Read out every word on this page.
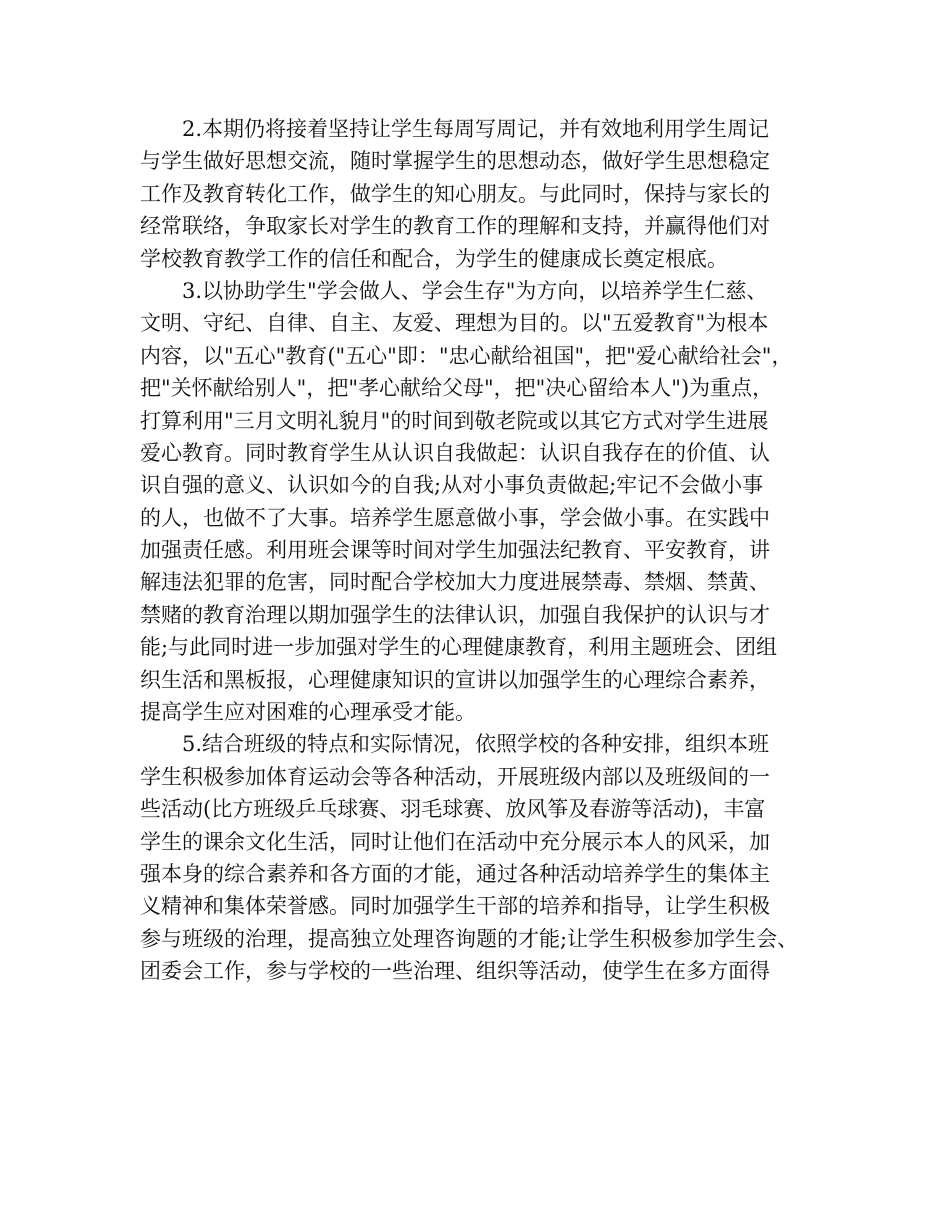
2.本期仍将接着坚持让学生每周写周记，并有效地利用学生周记
与学生做好思想交流，随时掌握学生的思想动态，做好学生思想稳定
工作及教育转化工作，做学生的知心朋友。与此同时，保持与家长的
经常联络，争取家长对学生的教育工作的理解和支持，并赢得他们对
学校教育教学工作的信任和配合，为学生的健康成长奠定根底。
3.以协助学生"学会做人、学会生存"为方向，以培养学生仁慈、
文明、守纪、自律、自主、友爱、理想为目的。以"五爱教育"为根本
内容，以"五心"教育("五心"即："忠心献给祖国"，把"爱心献给社会"，
把"关怀献给别人"，把"孝心献给父母"，把"决心留给本人")为重点，
打算利用"三月文明礼貌月"的时间到敬老院或以其它方式对学生进展
爱心教育。同时教育学生从认识自我做起：认识自我存在的价值、认
识自强的意义、认识如今的自我;从对小事负责做起;牢记不会做小事
的人，也做不了大事。培养学生愿意做小事，学会做小事。在实践中
加强责任感。利用班会课等时间对学生加强法纪教育、平安教育，讲
解违法犯罪的危害，同时配合学校加大力度进展禁毒、禁烟、禁黄、
禁赌的教育治理以期加强学生的法律认识，加强自我保护的认识与才
能;与此同时进一步加强对学生的心理健康教育，利用主题班会、团组
织生活和黑板报，心理健康知识的宣讲以加强学生的心理综合素养，
提高学生应对困难的心理承受才能。
5.结合班级的特点和实际情况，依照学校的各种安排，组织本班
学生积极参加体育运动会等各种活动，开展班级内部以及班级间的一
些活动(比方班级乒乓球赛、羽毛球赛、放风筝及春游等活动)，丰富
学生的课余文化生活，同时让他们在活动中充分展示本人的风采，加
强本身的综合素养和各方面的才能，通过各种活动培养学生的集体主
义精神和集体荣誉感。同时加强学生干部的培养和指导，让学生积极
参与班级的治理，提高独立处理咨询题的才能;让学生积极参加学生会、
团委会工作，参与学校的一些治理、组织等活动，使学生在多方面得
